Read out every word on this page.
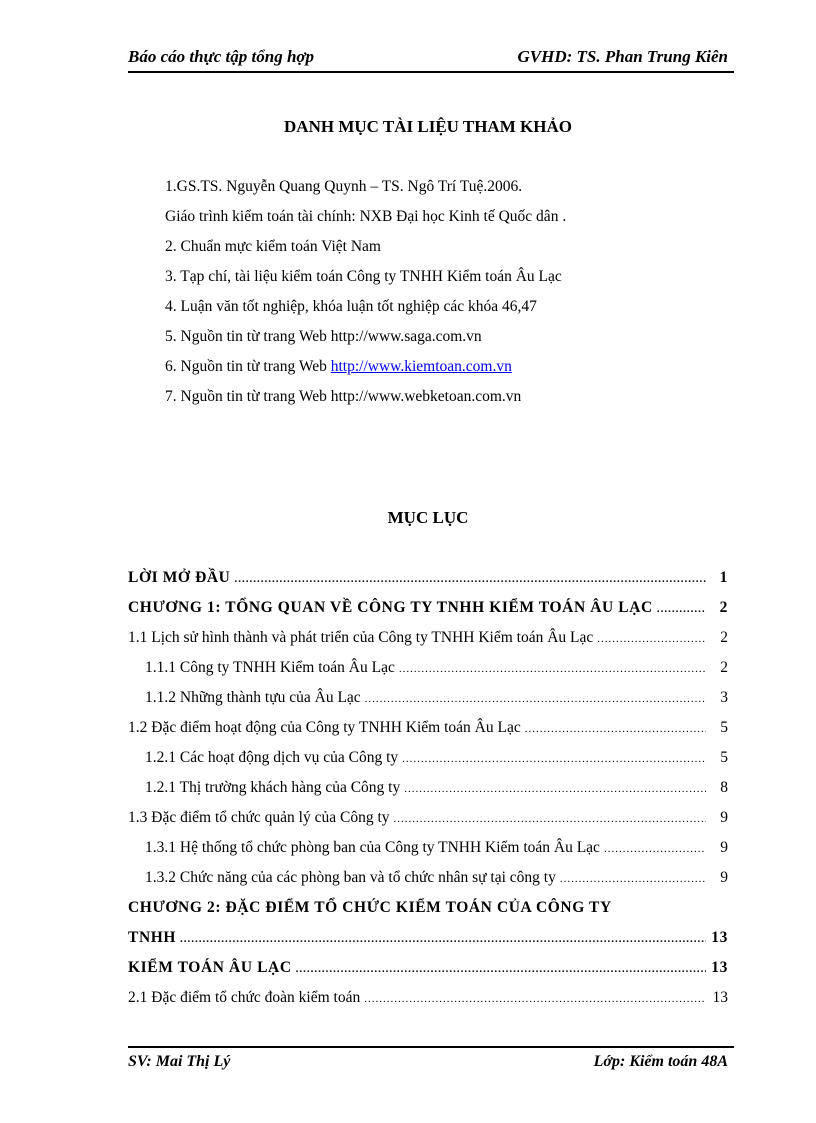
Báo cáo thực tập tổng hợp	GVHD: TS. Phan Trung Kiên
DANH MỤC TÀI LIỆU THAM KHẢO
1.GS.TS. Nguyễn Quang Quynh – TS. Ngô Trí Tuệ.2006.
Giáo trình kiểm toán tài chính: NXB Đại học Kinh tế Quốc dân .
2. Chuẩn mực kiểm toán Việt Nam
3. Tạp chí, tài liệu kiểm toán Công ty TNHH Kiểm toán Âu Lạc
4. Luận văn tốt nghiệp, khóa luận tốt nghiệp các khóa 46,47
5. Nguồn tin từ trang Web http://www.saga.com.vn
6. Nguồn tin từ trang Web http://www.kiemtoan.com.vn
7. Nguồn tin từ trang Web http://www.webketoan.com.vn
MỤC LỤC
LỜI MỞ ĐẦU .....	1
CHƯƠNG 1: TỔNG QUAN VỀ CÔNG TY TNHH KIỂM TOÁN ÂU LẠC .....	2
1.1 Lịch sử hình thành và phát triển của Công ty TNHH Kiểm toán Âu Lạc .....	2
1.1.1 Công ty TNHH Kiểm toán Âu Lạc .....	2
1.1.2 Những thành tựu của Âu Lạc .....	3
1.2 Đặc điểm hoạt động của Công ty TNHH Kiểm toán Âu Lạc .....	5
1.2.1 Các hoạt động dịch vụ của Công ty .....	5
1.2.1 Thị trường khách hàng của Công ty .....	8
1.3 Đặc điểm tổ chức quản lý của Công ty .....	9
1.3.1 Hệ thống tổ chức phòng ban của Công ty TNHH Kiểm toán Âu Lạc .....	9
1.3.2 Chức năng của các phòng ban và tổ chức nhân sự tại công ty .....	9
CHƯƠNG 2: ĐẶC ĐIỂM TỔ CHỨC KIỂM TOÁN CỦA CÔNG TY
TNHH .....	13
KIỂM TOÁN ÂU LẠC .....	13
2.1 Đặc điểm tổ chức đoàn kiểm toán .....	13
SV: Mai Thị Lý	Lớp: Kiểm toán 48A
